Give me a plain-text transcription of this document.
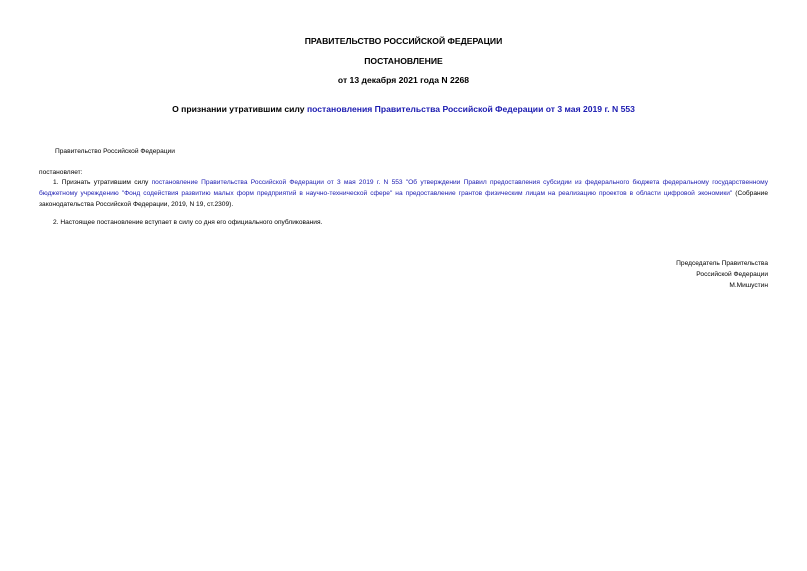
ПРАВИТЕЛЬСТВО РОССИЙСКОЙ ФЕДЕРАЦИИ
ПОСТАНОВЛЕНИЕ
от 13 декабря 2021 года N 2268
О признании утратившим силу постановления Правительства Российской Федерации от 3 мая 2019 г. N 553
Правительство Российской Федерации
постановляет:
1. Признать утратившим силу постановление Правительства Российской Федерации от 3 мая 2019 г. N 553 "Об утверждении Правил предоставления субсидии из федерального бюджета федеральному государственному бюджетному учреждению "Фонд содействия развитию малых форм предприятий в научно-технической сфере" на предоставление грантов физическим лицам на реализацию проектов в области цифровой экономики" (Собрание законодательства Российской Федерации, 2019, N 19, ст.2309).
2. Настоящее постановление вступает в силу со дня его официального опубликования.
Председатель Правительства
Российской Федерации
М.Мишустин
